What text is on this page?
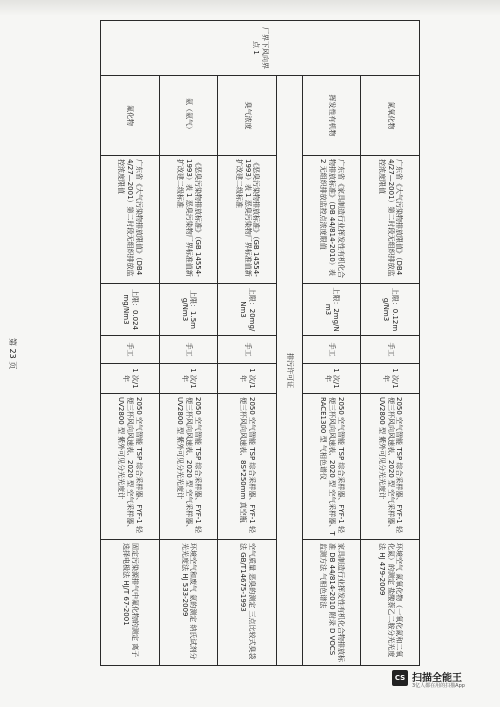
厂界下风向界点 1	氮氧化物	广东省《大气污染物排放限值》（DB44/27—2001）第二时段无组织排放监控浓度限值	上限：0.12mg/Nm3	手工	1 次/1 年	2050 空气智能 TSP 综合采样器、FYF-1 轻便三杯风向风速表、2020 型 空气采样器、UV2800 型 紫外可见分光光度计	环境空气 氮氧化物（一氧化氮和二氧化氮）的测定 盐酸萘乙二胺分光光度法 HJ 479-2009
	挥发性有机物	广东省《家具制造行业挥发性有机化合物排放标准》（DB 44/814-2010）表 2 无组织排放监控点浓度限值	上限：2mg/Nm3	手工	1 次/1 年	2050 空气智能 TSP 综合采样器、FYF-1 轻便三杯风向风速表、2020 型 空气采样器、TRACE1300 型 气相色谱仪	家具制造行业挥发性有机化合物排放标准 DB 44/814-2010 附录 D VOCS 监测方法 气相色谱法
	排污许可证						
	臭气浓度	《恶臭污染物排放标准》（GB 14554-1993）表 1 恶臭污染物厂界标准值新扩改建二级标准	上限：20mg/Nm3	手工	1 次/1 年	2050 空气智能 TSP 综合采样器、FYF-1 轻便三杯风向风速表、8S*250mm 真空瓶	空气质量 恶臭的测定 三点比较式臭袋法 GB/T14675-1993
	氨（氨气）	《恶臭污染物排放标准》（GB 14554-1993）表 1 恶臭污染物厂界标准值新扩改建二级标准	上限：1.5mg/Nm3	手工	1 次/1 年	2050 空气智能 TSP 综合采样器、FYF-1 轻便三杯风向风速表、2020 型 空气采样器、UV2800 型 紫外可见分光光度计	环境空气和废气 氨的测定 纳氏试剂分光光度法 HJ 533-2009
	氟化物	广东省《大气污染物排放限值》（DB44/27—2001）第二时段无组织排放监控浓度限值	上限：0.024mg/Nm3	手工	1 次/1 年	2050 空气智能 TSP 综合采样器、FYF-1 轻便三杯风向风速表、2020 型 空气采样器、UV2800 型 紫外可见分光光度计	固定污染源排气中氟化物的测定 离子选择电极法 HJ/T 67-2001
第 23 页
CS 扫描全能王
3亿人都在用的扫描App
